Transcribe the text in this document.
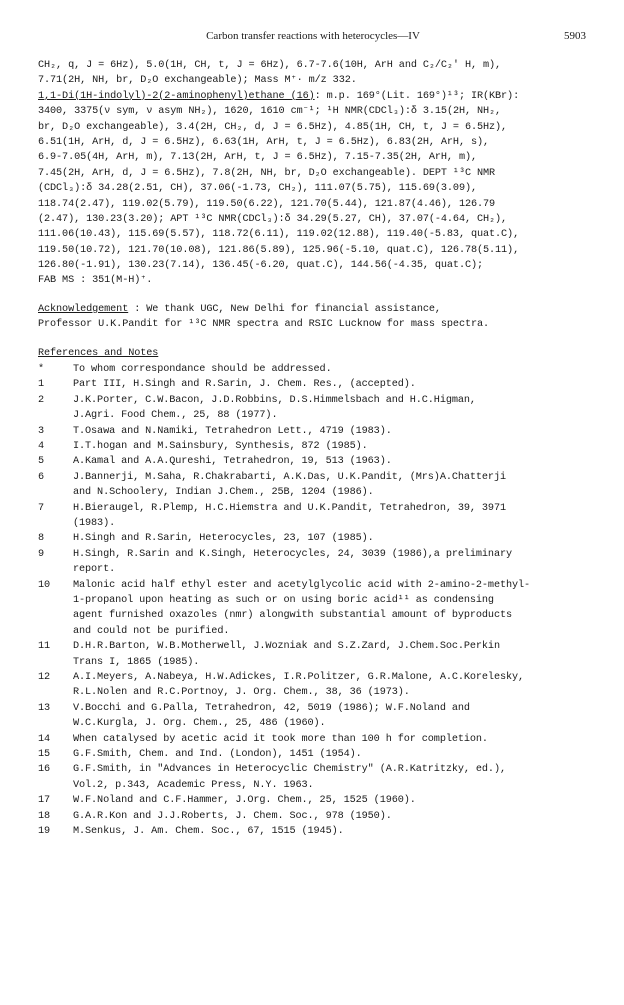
Carbon transfer reactions with heterocycles—IV	5903
CH₂, q, J = 6Hz), 5.0(1H, CH, t, J = 6Hz), 6.7-7.6(10H, ArH and C₂/C₂' H, m),
7.71(2H, NH, br, D₂O exchangeable); Mass M⁺· m/z 332.
1,1-Di(1H-indolyl)-2(2-aminophenyl)ethane (16): m.p. 169°(Lit. 169°)¹³; IR(KBr):
3400, 3375(ν sym, ν asym NH₂), 1620, 1610 cm⁻¹; ¹H NMR(CDCl₃):δ 3.15(2H, NH₂,
br, D₂O exchangeable), 3.4(2H, CH₂, d, J = 6.5Hz), 4.85(1H, CH, t, J = 6.5Hz),
6.51(1H, ArH, d, J = 6.5Hz), 6.63(1H, ArH, t, J = 6.5Hz), 6.83(2H, ArH, s),
6.9-7.05(4H, ArH, m), 7.13(2H, ArH, t, J = 6.5Hz), 7.15-7.35(2H, ArH, m),
7.45(2H, ArH, d, J = 6.5Hz), 7.8(2H, NH, br, D₂O exchangeable). DEPT ¹³C NMR
(CDCl₃):δ 34.28(2.51, CH), 37.06(-1.73, CH₂), 111.07(5.75), 115.69(3.09),
118.74(2.47), 119.02(5.79), 119.50(6.22), 121.70(5.44), 121.87(4.46), 126.79
(2.47), 130.23(3.20); APT ¹³C NMR(CDCl₃):δ 34.29(5.27, CH), 37.07(-4.64, CH₂),
111.06(10.43), 115.69(5.57), 118.72(6.11), 119.02(12.88), 119.40(-5.83, quat.C),
119.50(10.72), 121.70(10.08), 121.86(5.89), 125.96(-5.10, quat.C), 126.78(5.11),
126.80(-1.91), 130.23(7.14), 136.45(-6.20, quat.C), 144.56(-4.35, quat.C);
FAB MS : 351(M-H)⁺.
Acknowledgement : We thank UGC, New Delhi for financial assistance,
Professor U.K.Pandit for ¹³C NMR spectra and RSIC Lucknow for mass spectra.
References and Notes
*	To whom correspondance should be addressed.
1	Part III, H.Singh and R.Sarin, J. Chem. Res., (accepted).
2	J.K.Porter, C.W.Bacon, J.D.Robbins, D.S.Himmelsbach and H.C.Higman,
J.Agri. Food Chem., 25, 88 (1977).
3	T.Osawa and N.Namiki, Tetrahedron Lett., 4719 (1983).
4	I.T.hogan and M.Sainsbury, Synthesis, 872 (1985).
5	A.Kamal and A.A.Qureshi, Tetrahedron, 19, 513 (1963).
6	J.Bannerji, M.Saha, R.Chakrabarti, A.K.Das, U.K.Pandit, (Mrs)A.Chatterji
and N.Schoolery, Indian J.Chem., 25B, 1204 (1986).
7	H.Bieraugel, R.Plemp, H.C.Hiemstra and U.K.Pandit, Tetrahedron, 39, 3971
(1983).
8	H.Singh and R.Sarin, Heterocycles, 23, 107 (1985).
9	H.Singh, R.Sarin and K.Singh, Heterocycles, 24, 3039 (1986),a preliminary
report.
10	Malonic acid half ethyl ester and acetylglycolic acid with 2-amino-2-methyl-
1-propanol upon heating as such or on using boric acid¹¹ as condensing
agent furnished oxazoles (nmr) alongwith substantial amount of byproducts
and could not be purified.
11	D.H.R.Barton, W.B.Motherwell, J.Wozniak and S.Z.Zard, J.Chem.Soc.Perkin
Trans I, 1865 (1985).
12	A.I.Meyers, A.Nabeya, H.W.Adickes, I.R.Politzer, G.R.Malone, A.C.Korelesky,
R.L.Nolen and R.C.Portnoy, J. Org. Chem., 38, 36 (1973).
13	V.Bocchi and G.Palla, Tetrahedron, 42, 5019 (1986); W.F.Noland and
W.C.Kurgla, J. Org. Chem., 25, 486 (1960).
14	When catalysed by acetic acid it took more than 100 h for completion.
15	G.F.Smith, Chem. and Ind. (London), 1451 (1954).
16	G.F.Smith, in "Advances in Heterocyclic Chemistry" (A.R.Katritzky, ed.),
Vol.2, p.343, Academic Press, N.Y. 1963.
17	W.F.Noland and C.F.Hammer, J.Org. Chem., 25, 1525 (1960).
18	G.A.R.Kon and J.J.Roberts, J. Chem. Soc., 978 (1950).
19	M.Senkus, J. Am. Chem. Soc., 67, 1515 (1945).
